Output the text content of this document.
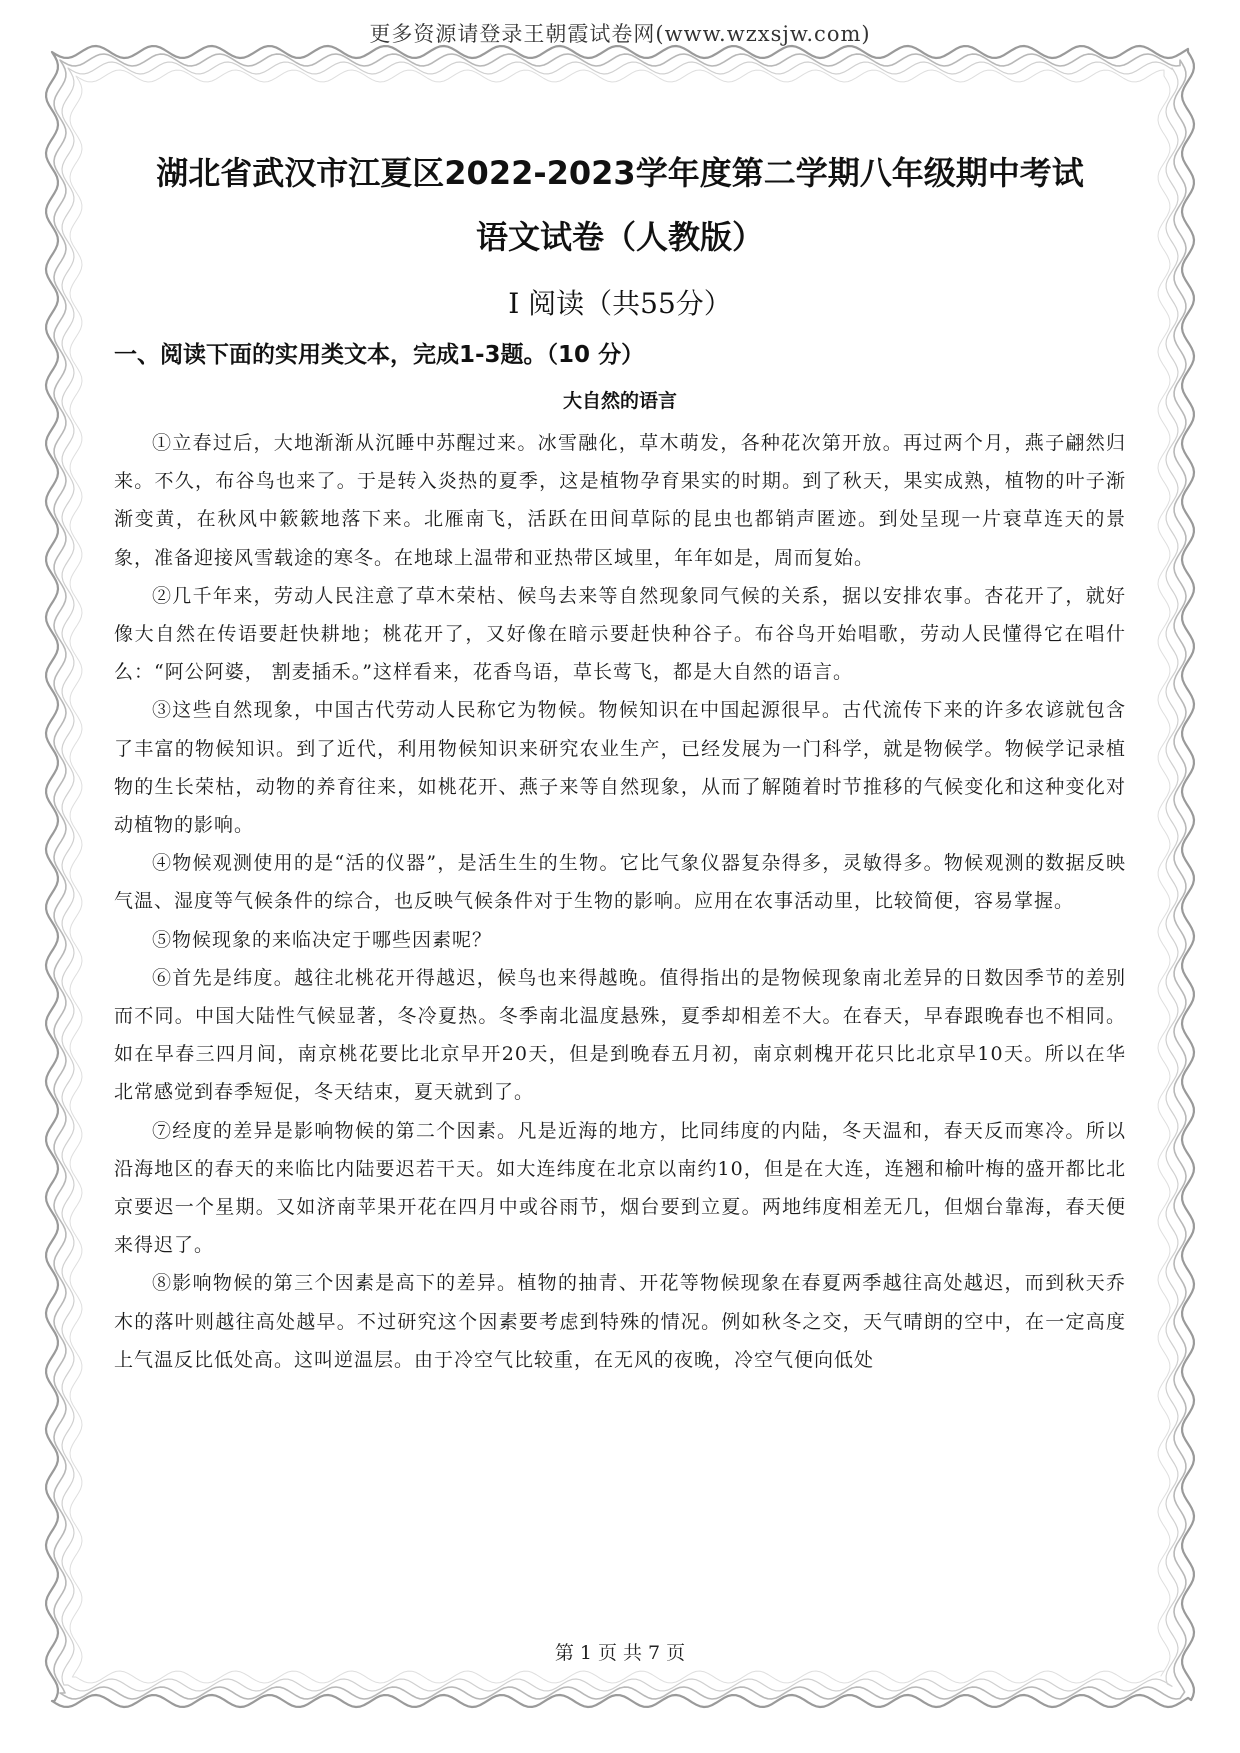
更多资源请登录王朝霞试卷网(www.wzxsjw.com)
湖北省武汉市江夏区2022-2023学年度第二学期八年级期中考试
语文试卷（人教版）
Ⅰ 阅读（共55分）
一、阅读下面的实用类文本，完成1-3题。（10 分）
大自然的语言

①立春过后，大地渐渐从沉睡中苏醒过来。冰雪融化，草木萌发，各种花次第开放。再过两个月，燕子翩然归来。不久，布谷鸟也来了。于是转入炎热的夏季，这是植物孕育果实的时期。到了秋天，果实成熟，植物的叶子渐渐变黄，在秋风中簌簌地落下来。北雁南飞，活跃在田间草际的昆虫也都销声匿迹。到处呈现一片衰草连天的景象，准备迎接风雪载途的寒冬。在地球上温带和亚热带区域里，年年如是，周而复始。

②几千年来，劳动人民注意了草木荣枯、候鸟去来等自然现象同气候的关系，据以安排农事。杏花开了，就好像大自然在传语要赶快耕地；桃花开了，又好像在暗示要赶快种谷子。布谷鸟开始唱歌，劳动人民懂得它在唱什么：“阿公阿婆， 割麦插禾。”这样看来，花香鸟语，草长莺飞，都是大自然的语言。

③这些自然现象，中国古代劳动人民称它为物候。物候知识在中国起源很早。古代流传下来的许多农谚就包含了丰富的物候知识。到了近代，利用物候知识来研究农业生产，已经发展为一门科学，就是物候学。物候学记录植物的生长荣枯，动物的养育往来，如桃花开、燕子来等自然现象，从而了解随着时节推移的气候变化和这种变化对动植物的影响。

④物候观测使用的是“活的仪器”，是活生生的生物。它比气象仪器复杂得多，灵敏得多。物候观测的数据反映气温、湿度等气候条件的综合，也反映气候条件对于生物的影响。应用在农事活动里，比较简便，容易掌握。

⑤物候现象的来临决定于哪些因素呢？

⑥首先是纬度。越往北桃花开得越迟，候鸟也来得越晚。值得指出的是物候现象南北差异的日数因季节的差别而不同。中国大陆性气候显著，冬冷夏热。冬季南北温度悬殊，夏季却相差不大。在春天，早春跟晚春也不相同。如在早春三四月间，南京桃花要比北京早开20天，但是到晚春五月初，南京刺槐开花只比北京早10天。所以在华北常感觉到春季短促，冬天结束，夏天就到了。

⑦经度的差异是影响物候的第二个因素。凡是近海的地方，比同纬度的内陆，冬天温和，春天反而寒冷。所以沿海地区的春天的来临比内陆要迟若干天。如大连纬度在北京以南约10，但是在大连，连翘和榆叶梅的盛开都比北京要迟一个星期。又如济南苹果开花在四月中或谷雨节，烟台要到立夏。两地纬度相差无几，但烟台靠海，春天便来得迟了。

⑧影响物候的第三个因素是高下的差异。植物的抽青、开花等物候现象在春夏两季越往高处越迟，而到秋天乔木的落叶则越往高处越早。不过研究这个因素要考虑到特殊的情况。例如秋冬之交，天气晴朗的空中，在一定高度上气温反比低处高。这叫逆温层。由于冷空气比较重，在无风的夜晚，冷空气便向低处

第 1 页 共 7 页
